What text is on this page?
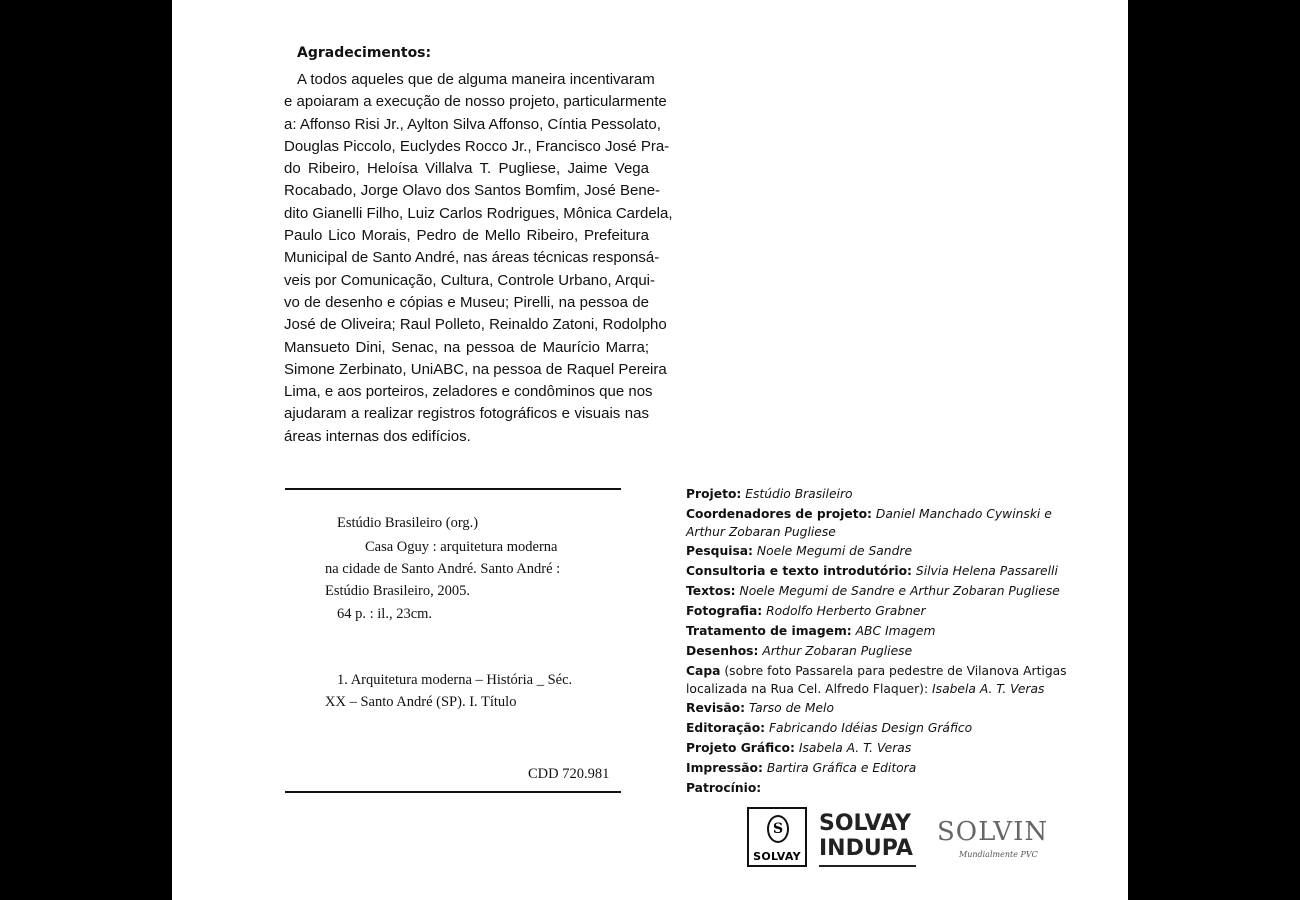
Agradecimentos:
A todos aqueles que de alguma maneira incentivaram
e apoiaram a execução de nosso projeto, particularmente
a: Affonso Risi Jr., Aylton Silva Affonso, Cíntia Pessolato,
Douglas Piccolo, Euclydes Rocco Jr., Francisco José Pra-
do Ribeiro, Heloísa Villalva T. Pugliese, Jaime Vega
Rocabado, Jorge Olavo dos Santos Bomfim, José Bene-
dito Gianelli Filho, Luiz Carlos Rodrigues, Mônica Cardela,
Paulo Lico Morais, Pedro de Mello Ribeiro, Prefeitura
Municipal de Santo André, nas áreas técnicas responsá-
veis por Comunicação, Cultura, Controle Urbano, Arqui-
vo de desenho e cópias e Museu; Pirelli, na pessoa de
José de Oliveira; Raul Polleto, Reinaldo Zatoni, Rodolpho
Mansueto Dini, Senac, na pessoa de Maurício Marra;
Simone Zerbinato, UniABC, na pessoa de Raquel Pereira
Lima, e aos porteiros, zeladores e condôminos que nos
ajudaram a realizar registros fotográficos e visuais nas
áreas internas dos edifícios.
Estúdio Brasileiro (org.)
Casa Oguy : arquitetura moderna
na cidade de Santo André. Santo André :
Estúdio Brasileiro, 2005.
64 p. : il., 23cm.
1. Arquitetura moderna – História _ Séc.
XX – Santo André (SP). I. Título
CDD 720.981
Projeto: Estúdio Brasileiro
Coordenadores de projeto: Daniel Manchado Cywinski e
Arthur Zobaran Pugliese
Pesquisa: Noele Megumi de Sandre
Consultoria e texto introdutório: Silvia Helena Passarelli
Textos: Noele Megumi de Sandre e Arthur Zobaran Pugliese
Fotografia: Rodolfo Herberto Grabner
Tratamento de imagem: ABC Imagem
Desenhos: Arthur Zobaran Pugliese
Capa (sobre foto Passarela para pedestre de Vilanova Artigas
localizada na Rua Cel. Alfredo Flaquer): Isabela A. T. Veras
Revisão: Tarso de Melo
Editoração: Fabricando Idéias Design Gráfico
Projeto Gráfico: Isabela A. T. Veras
Impressão: Bartira Gráfica e Editora
Patrocínio:
S
SOLVAY
SOLVAY
INDUPA
SOLVIN
Mundialmente PVC
